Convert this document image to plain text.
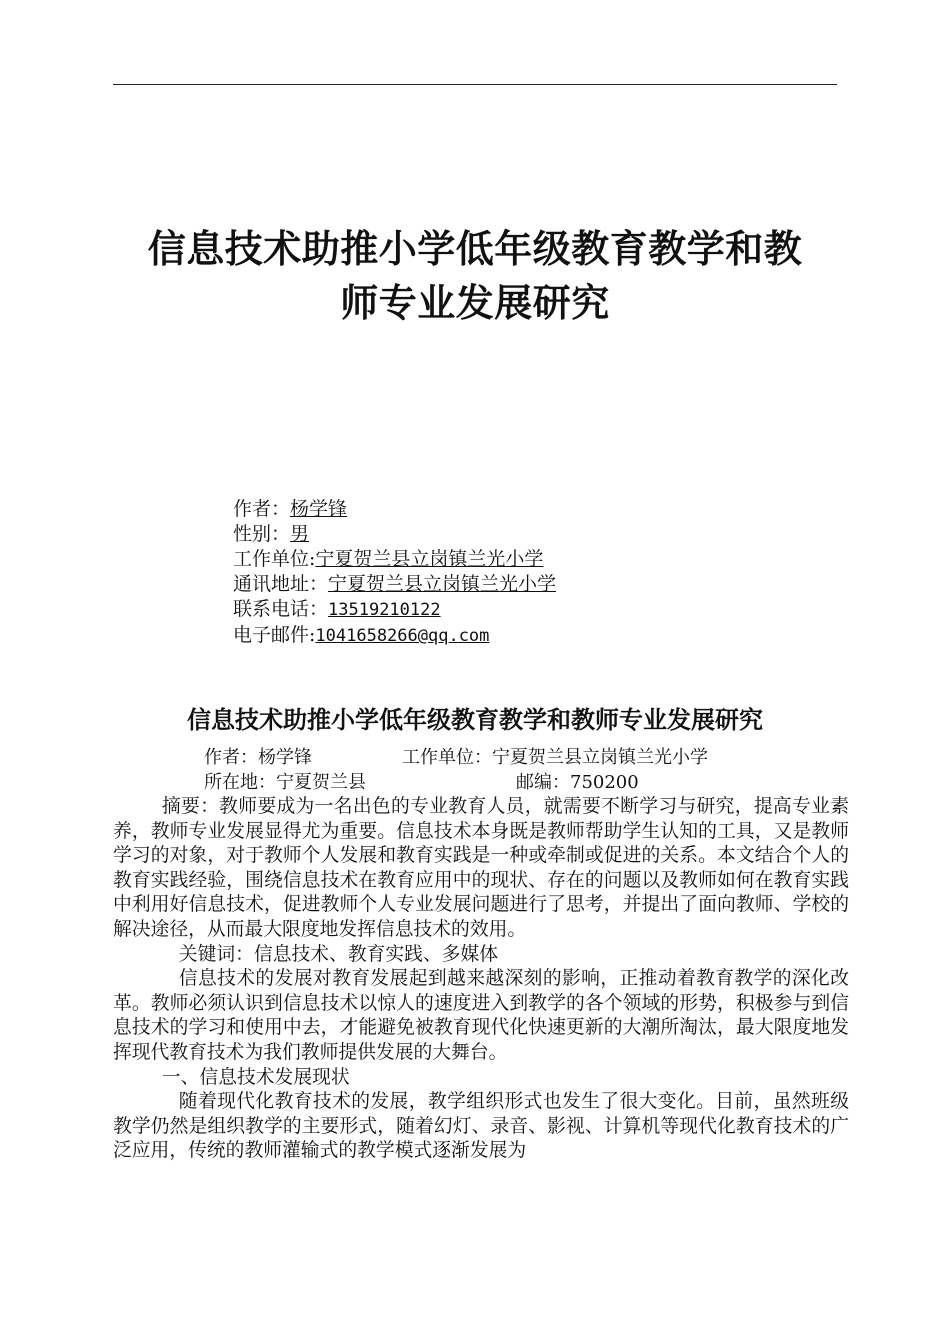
信息技术助推小学低年级教育教学和教
师专业发展研究
作者：杨学锋
性别：男
工作单位:宁夏贺兰县立岗镇兰光小学
通讯地址：宁夏贺兰县立岗镇兰光小学
联系电话：13519210122
电子邮件:1041658266@qq.com
信息技术助推小学低年级教育教学和教师专业发展研究
作者：杨学锋	工作单位：宁夏贺兰县立岗镇兰光小学
所在地：宁夏贺兰县	邮编：750200

摘要：教师要成为一名出色的专业教育人员，就需要不断学习与研究，提高专业素养，教师专业发展显得尤为重要。信息技术本身既是教师帮助学生认知的工具，又是教师学习的对象，对于教师个人发展和教育实践是一种或牵制或促进的关系。本文结合个人的教育实践经验，围绕信息技术在教育应用中的现状、存在的问题以及教师如何在教育实践中利用好信息技术，促进教师个人专业发展问题进行了思考，并提出了面向教师、学校的解决途径，从而最大限度地发挥信息技术的效用。

关键词：信息技术、教育实践、多媒体

信息技术的发展对教育发展起到越来越深刻的影响，正推动着教育教学的深化改革。教师必须认识到信息技术以惊人的速度进入到教学的各个领域的形势，积极参与到信息技术的学习和使用中去，才能避免被教育现代化快速更新的大潮所淘汰，最大限度地发挥现代教育技术为我们教师提供发展的大舞台。

一、信息技术发展现状

随着现代化教育技术的发展，教学组织形式也发生了很大变化。目前，虽然班级教学仍然是组织教学的主要形式，随着幻灯、录音、影视、计算机等现代化教育技术的广泛应用，传统的教师灌输式的教学模式逐渐发展为
